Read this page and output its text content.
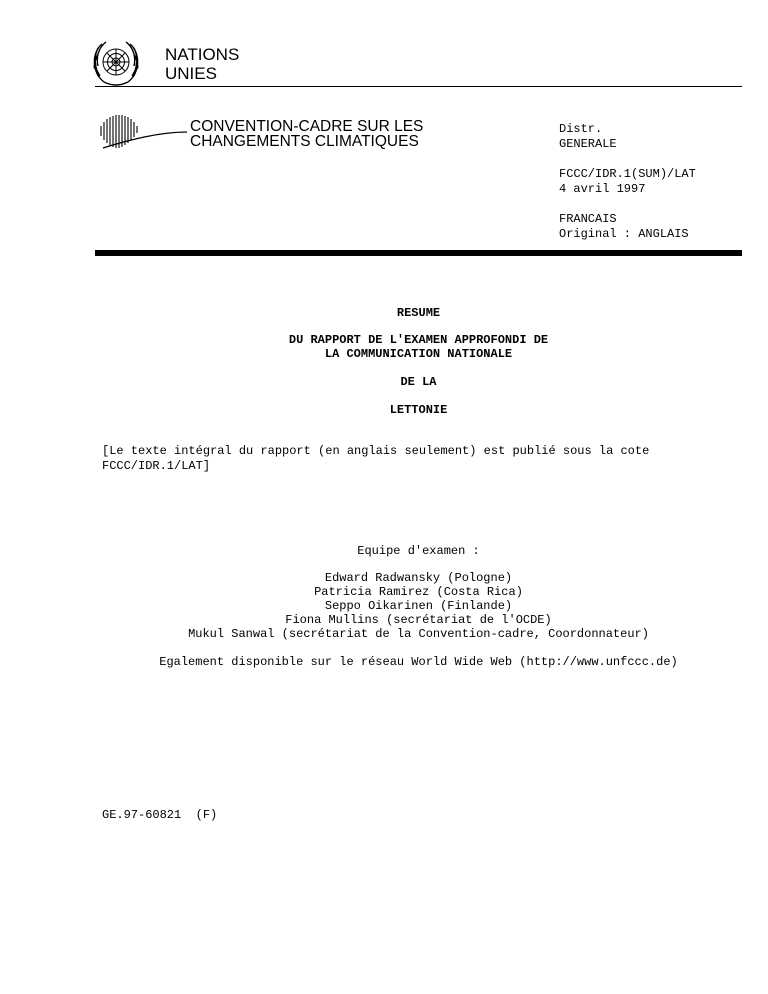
NATIONS
UNIES
CONVENTION-CADRE SUR LES
CHANGEMENTS CLIMATIQUES

Distr.

GENERALE

FCCC/IDR.1(SUM)/LAT

4 avril 1997

FRANCAIS

Original : ANGLAIS

RESUME
DU RAPPORT DE L'EXAMEN APPROFONDI DE
LA COMMUNICATION NATIONALE
DE LA
LETTONIE
[Le texte intégral du rapport (en anglais seulement) est publié sous la cote FCCC/IDR.1/LAT]
Equipe d'examen :
Edward Radwansky (Pologne)
Patricia Ramirez (Costa Rica)
Seppo Oikarinen (Finlande)
Fiona Mullins (secrétariat de l'OCDE)
Mukul Sanwal (secrétariat de la Convention-cadre, Coordonnateur)
Egalement disponible sur le réseau World Wide Web (http://www.unfccc.de)
GE.97-60821  (F)
